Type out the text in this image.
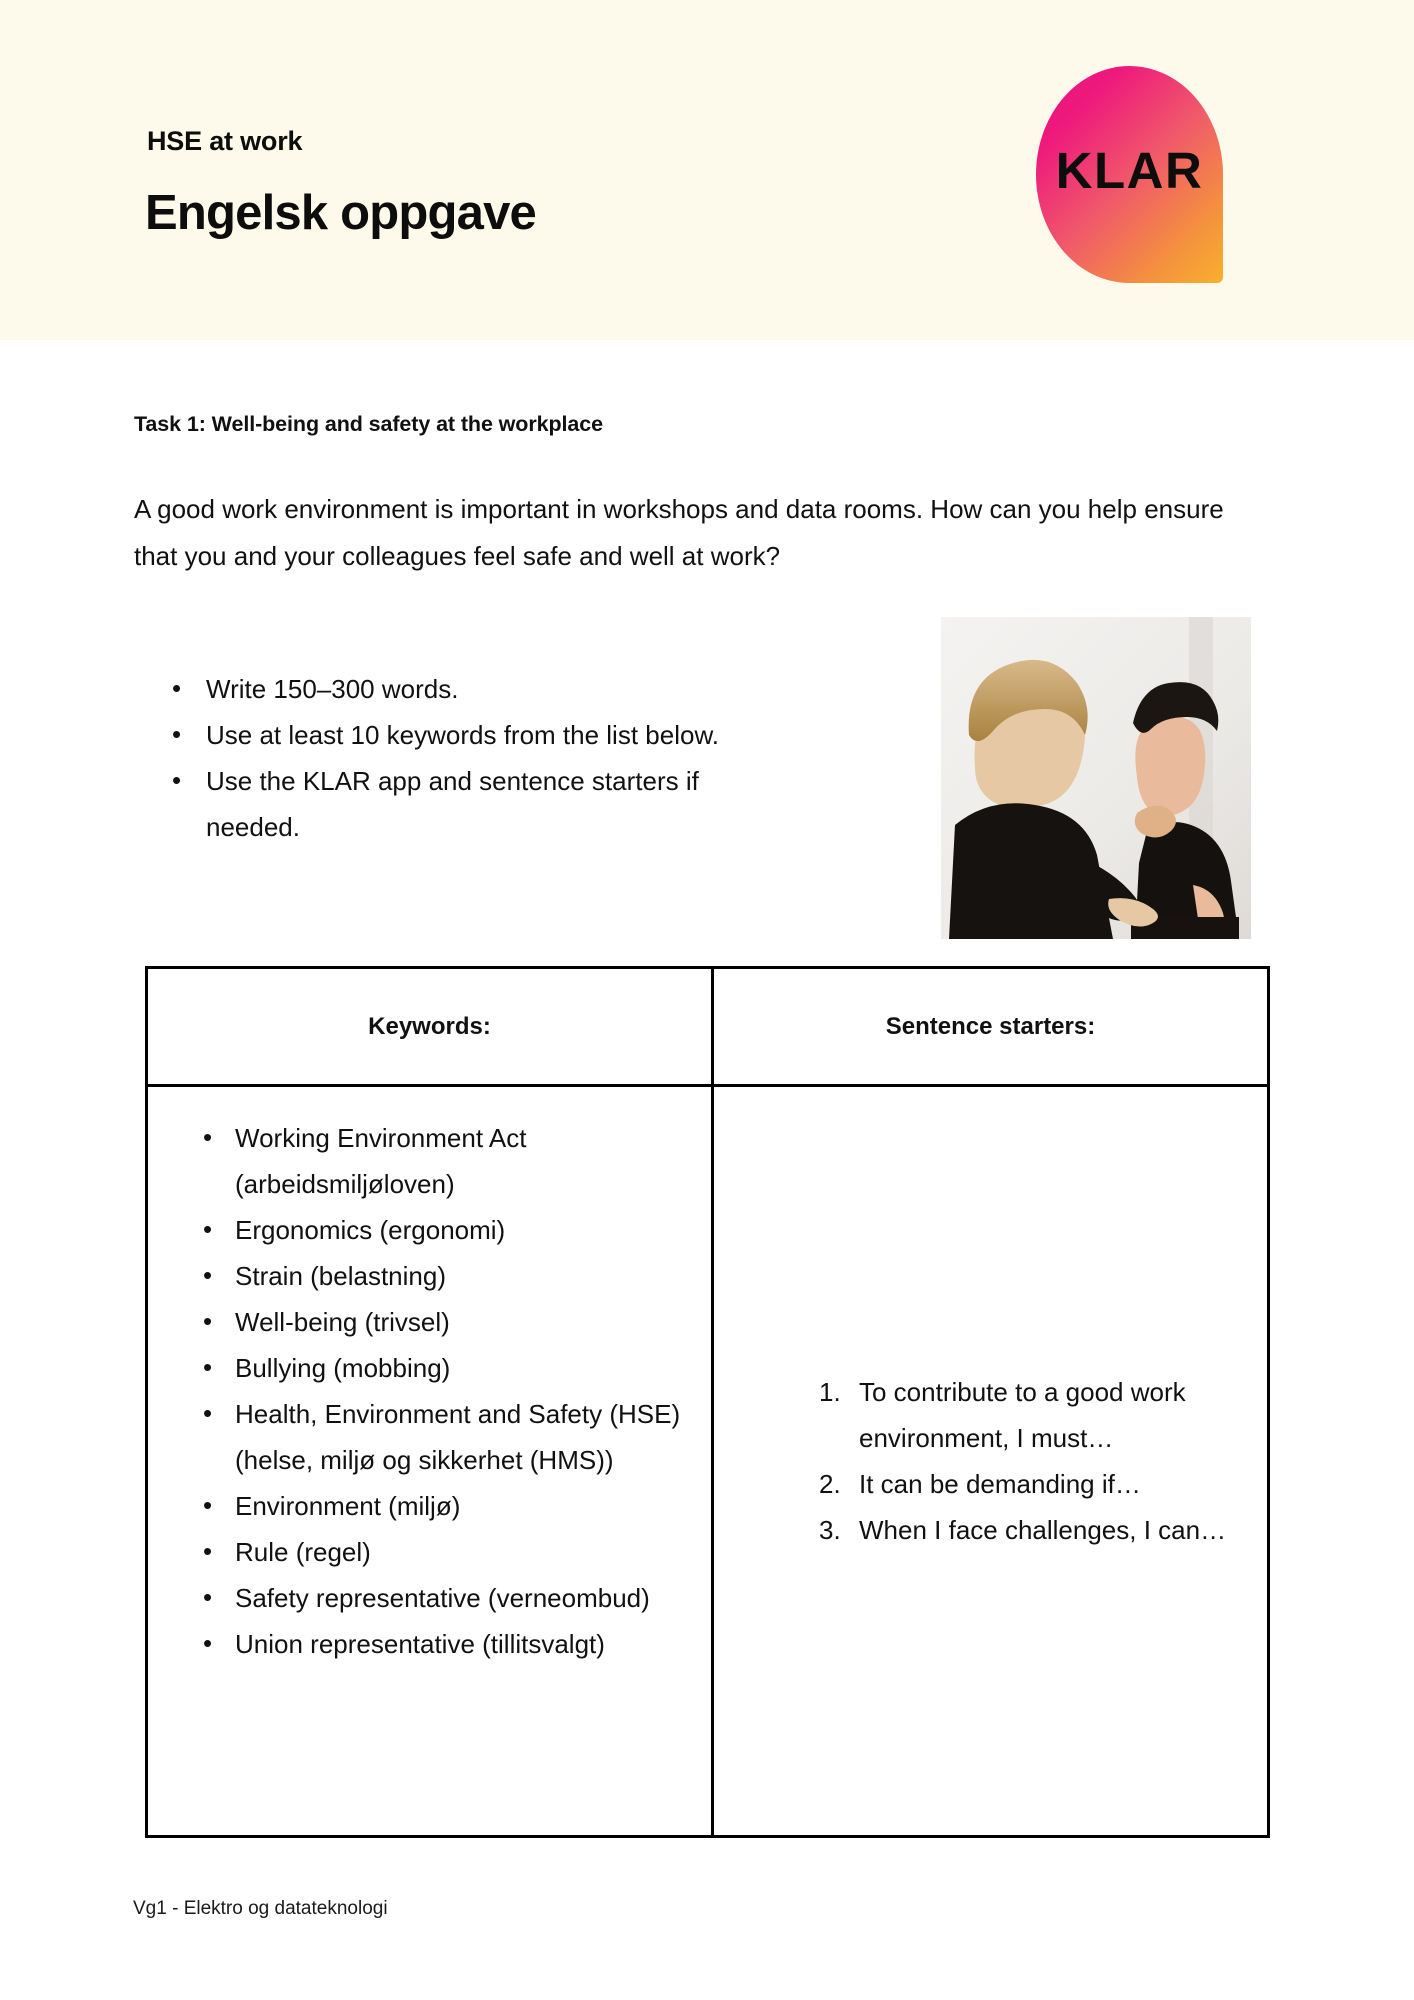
HSE at work
Engelsk oppgave
KLAR
Task 1: Well-being and safety at the workplace

A good work environment is important in workshops and data rooms. How can you help ensure that you and your colleagues feel safe and well at work?

• Write 150–300 words.
• Use at least 10 keywords from the list below.
• Use the KLAR app and sentence starters if needed.
Keywords:	Sentence starters:
• Working Environment Act (arbeidsmiljøloven)
• Ergonomics (ergonomi)
• Strain (belastning)
• Well-being (trivsel)
• Bullying (mobbing)
• Health, Environment and Safety (HSE) (helse, miljø og sikkerhet (HMS))
• Environment (miljø)
• Rule (regel)
• Safety representative (verneombud)
• Union representative (tillitsvalgt)
1. To contribute to a good work environment, I must…
2. It can be demanding if…
3. When I face challenges, I can…
Vg1 - Elektro og datateknologi
